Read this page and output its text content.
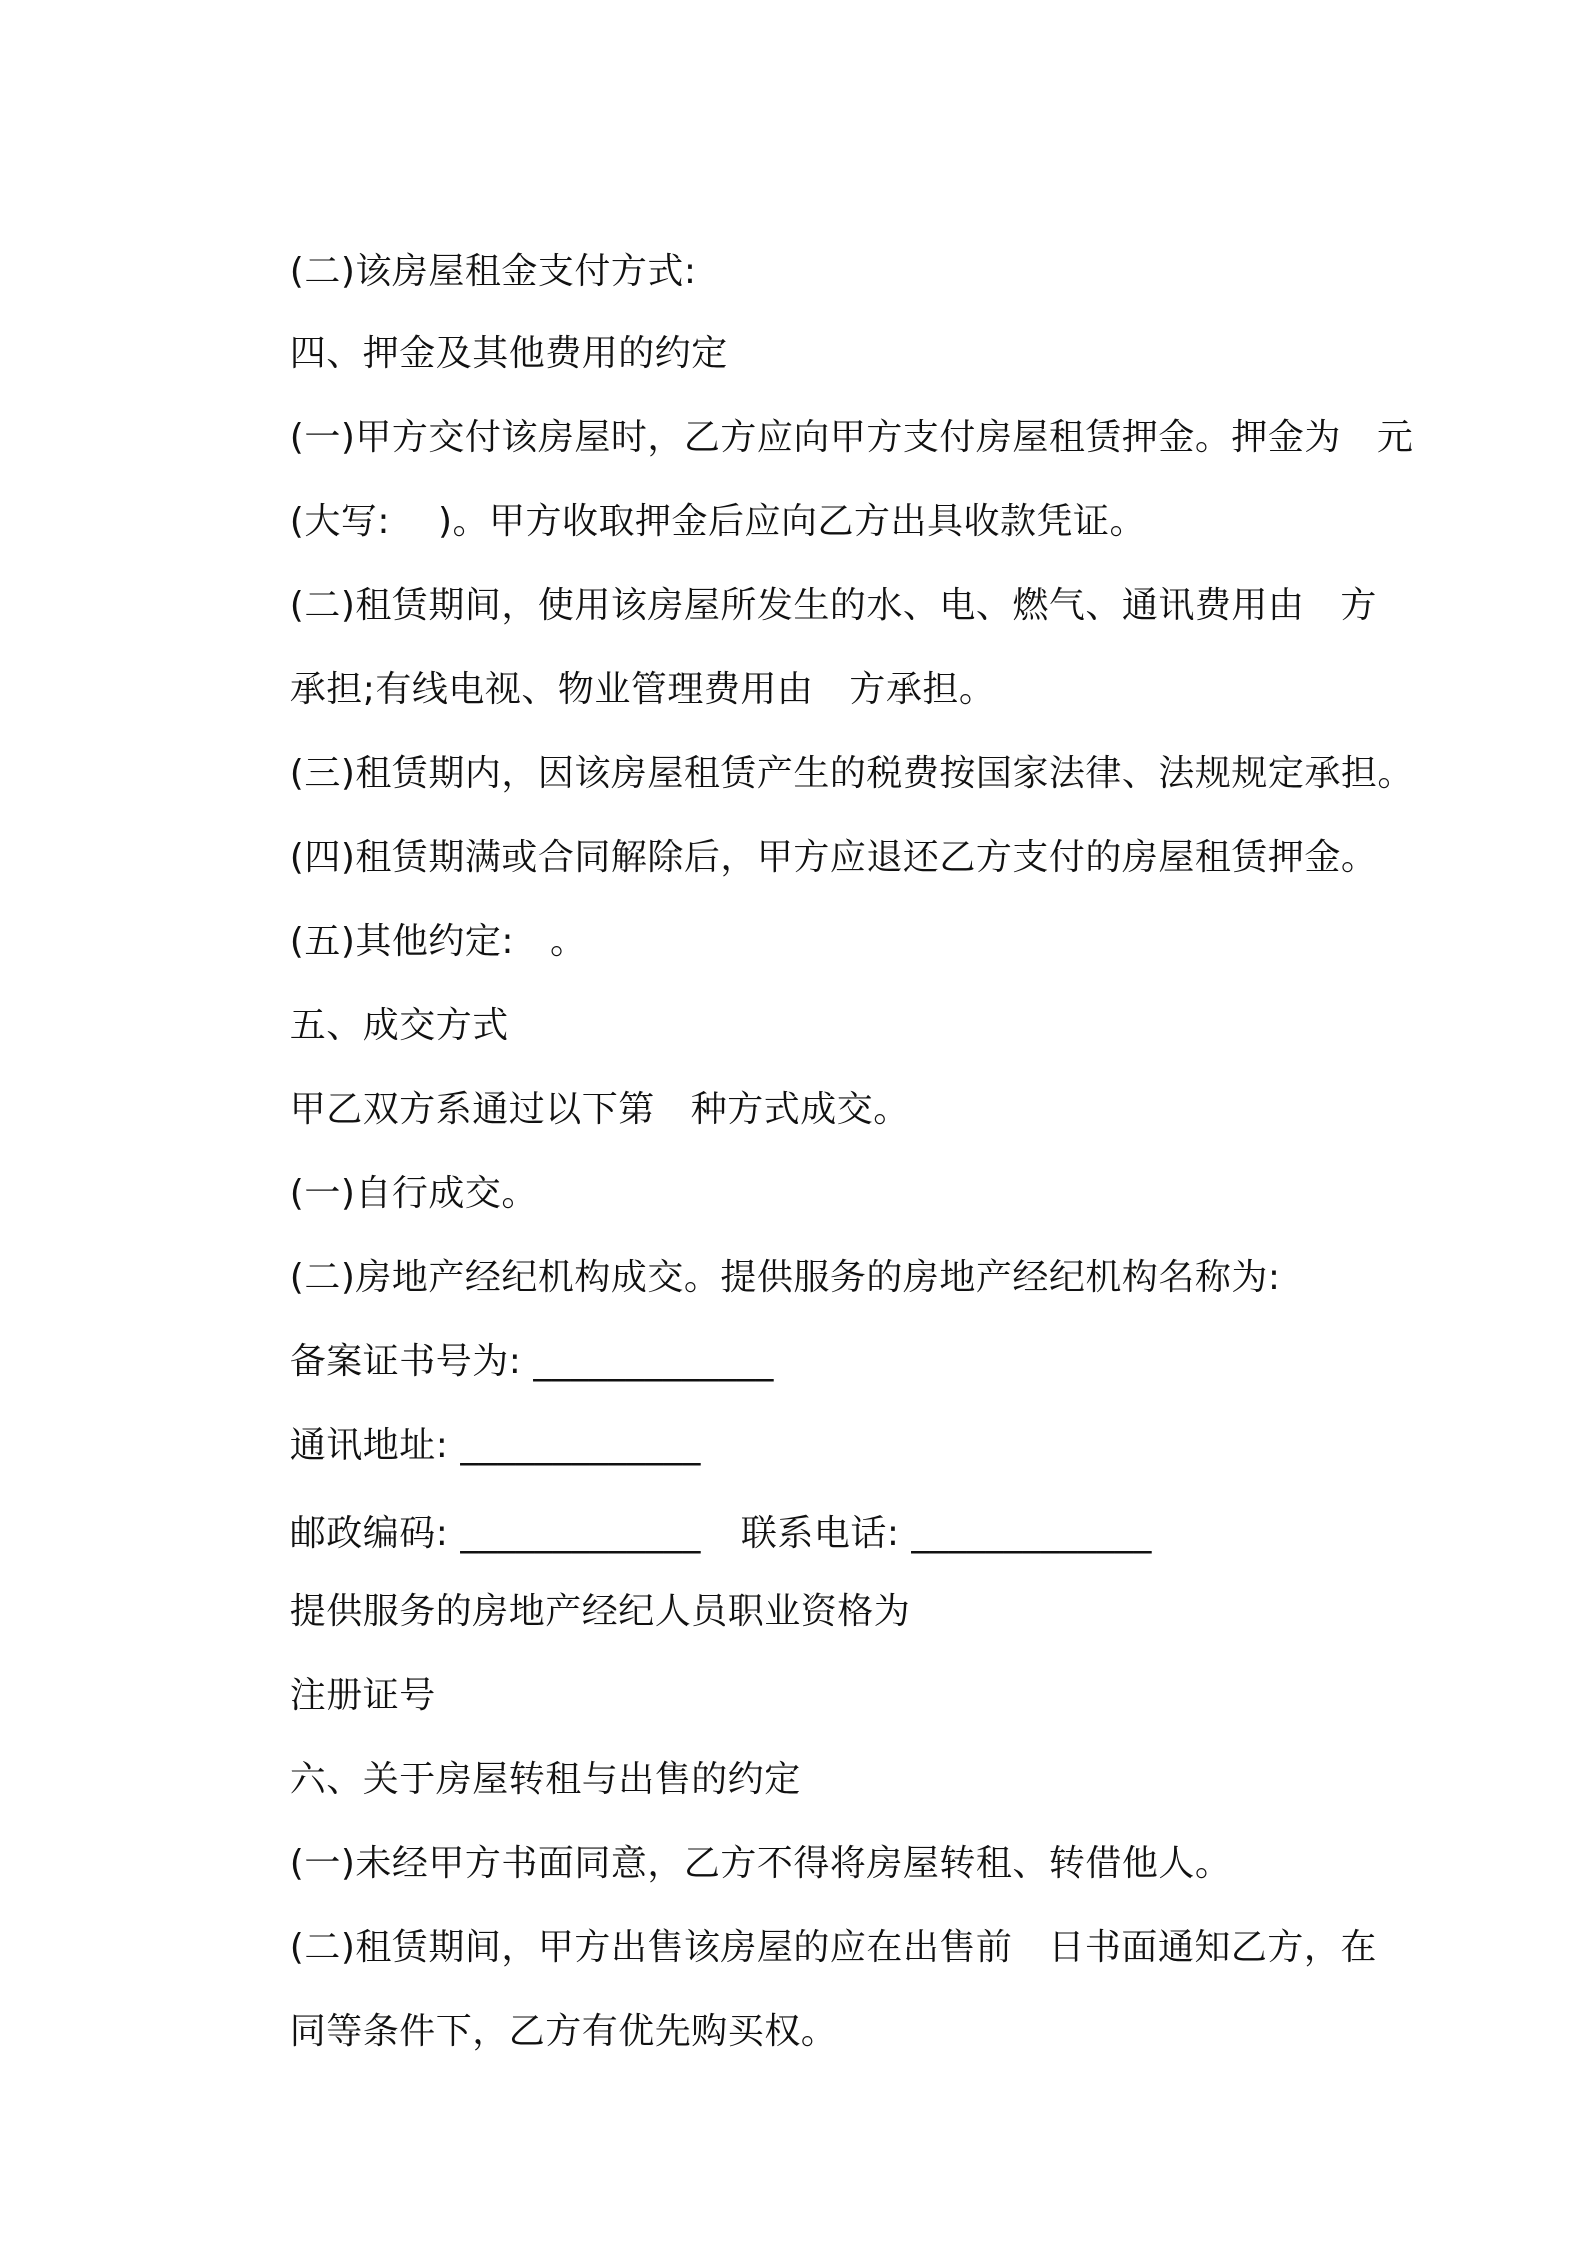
(二)该房屋租金支付方式:

四、押金及其他费用的约定

(一)甲方交付该房屋时，乙方应向甲方支付房屋租赁押金。押金为 元

(大写: )。甲方收取押金后应向乙方出具收款凭证。

(二)租赁期间，使用该房屋所发生的水、电、燃气、通讯费用由 方

承担;有线电视、物业管理费用由 方承担。

(三)租赁期内，因该房屋租赁产生的税费按国家法律、法规规定承担。

(四)租赁期满或合同解除后，甲方应退还乙方支付的房屋租赁押金。

(五)其他约定: 。

五、成交方式

甲乙双方系通过以下第 种方式成交。

(一)自行成交。

(二)房地产经纪机构成交。提供服务的房地产经纪机构名称为:

备案证书号为: _____________

通讯地址: _____________

邮政编码: _____________ 联系电话: _____________

提供服务的房地产经纪人员职业资格为

注册证号

六、关于房屋转租与出售的约定

(一)未经甲方书面同意，乙方不得将房屋转租、转借他人。

(二)租赁期间，甲方出售该房屋的应在出售前 日书面通知乙方，在

同等条件下，乙方有优先购买权。
